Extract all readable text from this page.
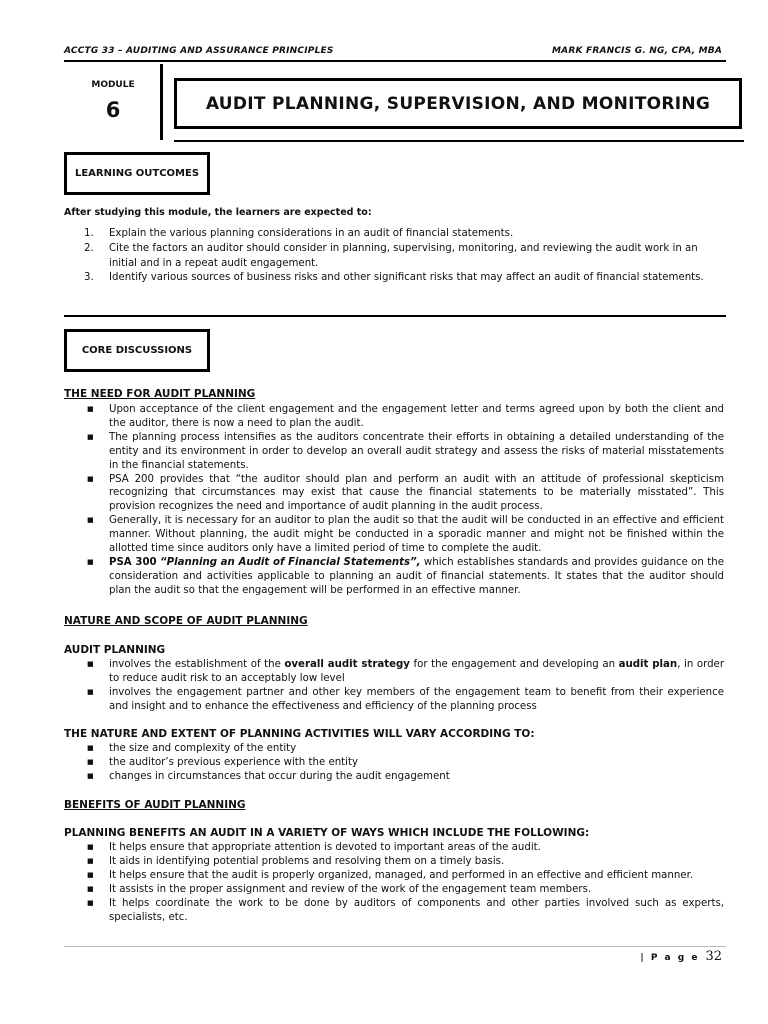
ACCTG 33 – AUDITING AND ASSURANCE PRINCIPLES	MARK FRANCIS G. NG, CPA, MBA
MODULE
6	AUDIT PLANNING, SUPERVISION, AND MONITORING
LEARNING OUTCOMES
After studying this module, the learners are expected to:
1. Explain the various planning considerations in an audit of financial statements.
2. Cite the factors an auditor should consider in planning, supervising, monitoring, and reviewing the audit work in an initial and in a repeat audit engagement.
3. Identify various sources of business risks and other significant risks that may affect an audit of financial statements.
CORE DISCUSSIONS
THE NEED FOR AUDIT PLANNING
■ Upon acceptance of the client engagement and the engagement letter and terms agreed upon by both the client and the auditor, there is now a need to plan the audit.
■ The planning process intensifies as the auditors concentrate their efforts in obtaining a detailed understanding of the entity and its environment in order to develop an overall audit strategy and assess the risks of material misstatements in the financial statements.
■ PSA 200 provides that “the auditor should plan and perform an audit with an attitude of professional skepticism recognizing that circumstances may exist that cause the financial statements to be materially misstated”. This provision recognizes the need and importance of audit planning in the audit process.
■ Generally, it is necessary for an auditor to plan the audit so that the audit will be conducted in an effective and efficient manner. Without planning, the audit might be conducted in a sporadic manner and might not be finished within the allotted time since auditors only have a limited period of time to complete the audit.
■ PSA 300 “Planning an Audit of Financial Statements”, which establishes standards and provides guidance on the consideration and activities applicable to planning an audit of financial statements. It states that the auditor should plan the audit so that the engagement will be performed in an effective manner.
NATURE AND SCOPE OF AUDIT PLANNING
AUDIT PLANNING
■ involves the establishment of the overall audit strategy for the engagement and developing an audit plan, in order to reduce audit risk to an acceptably low level
■ involves the engagement partner and other key members of the engagement team to benefit from their experience and insight and to enhance the effectiveness and efficiency of the planning process
THE NATURE AND EXTENT OF PLANNING ACTIVITIES WILL VARY ACCORDING TO:
■ the size and complexity of the entity
■ the auditor’s previous experience with the entity
■ changes in circumstances that occur during the audit engagement
BENEFITS OF AUDIT PLANNING
PLANNING BENEFITS AN AUDIT IN A VARIETY OF WAYS WHICH INCLUDE THE FOLLOWING:
■ It helps ensure that appropriate attention is devoted to important areas of the audit.
■ It aids in identifying potential problems and resolving them on a timely basis.
■ It helps ensure that the audit is properly organized, managed, and performed in an effective and efficient manner.
■ It assists in the proper assignment and review of the work of the engagement team members.
■ It helps coordinate the work to be done by auditors of components and other parties involved such as experts, specialists, etc.
| P a g e 32
